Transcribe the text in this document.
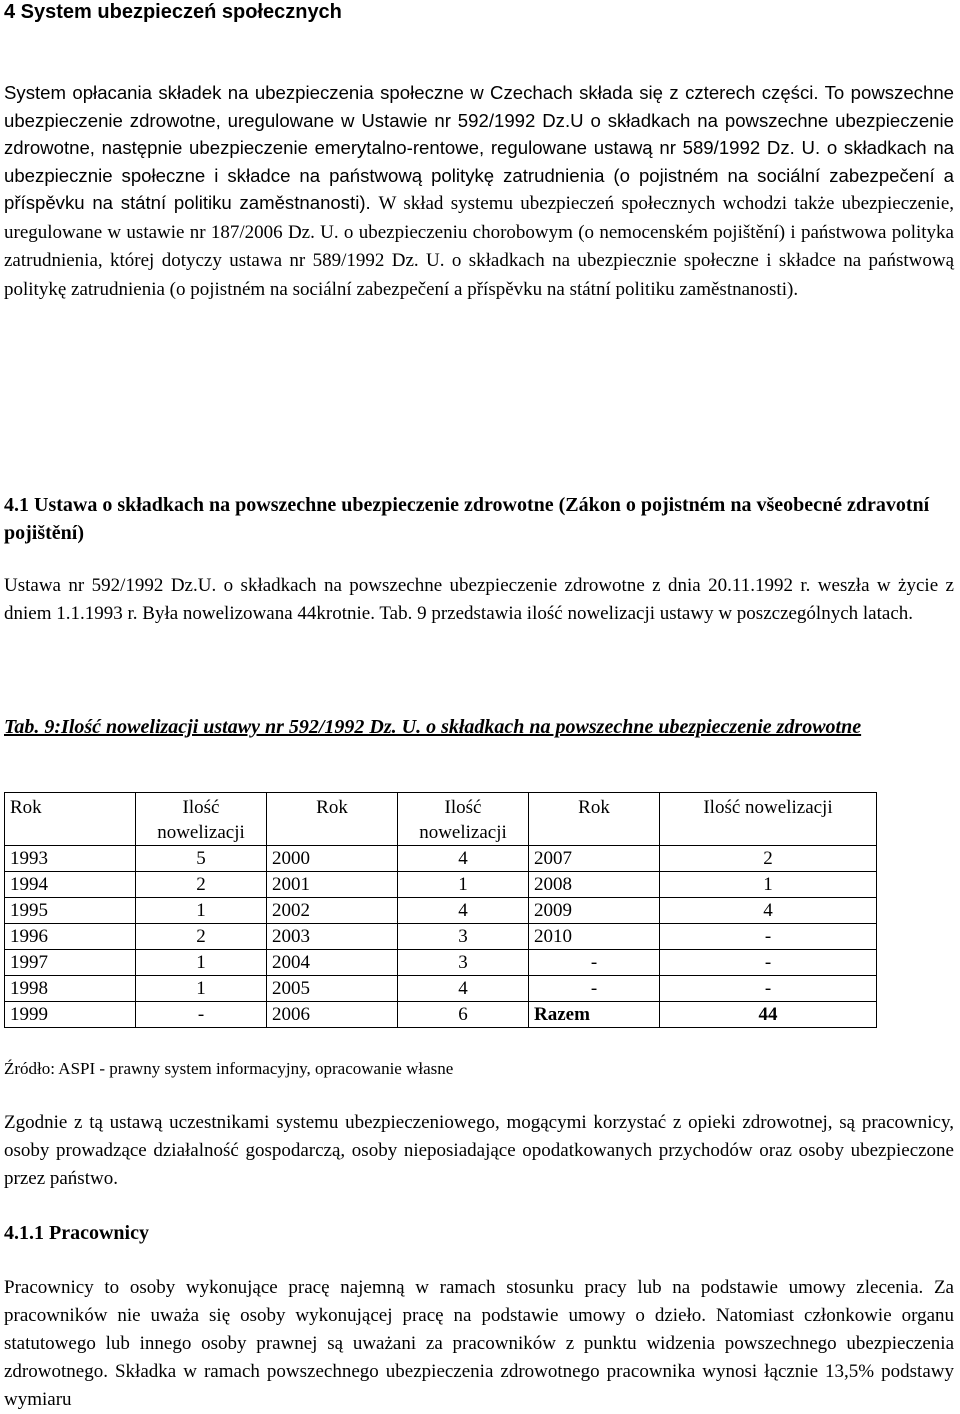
4 System ubezpieczeń społecznych

System opłacania składek na ubezpieczenia społeczne w Czechach składa się z czterech części. To powszechne ubezpieczenie zdrowotne, uregulowane w Ustawie nr 592/1992 Dz.U o składkach na powszechne ubezpieczenie zdrowotne, następnie ubezpieczenie emerytalno-rentowe, regulowane ustawą nr 589/1992 Dz. U. o składkach na ubezpiecznie społeczne i składce na państwową politykę zatrudnienia (o pojistném na sociální zabezpečení a příspěvku na státní politiku zaměstnanosti). W skład systemu ubezpieczeń społecznych wchodzi także ubezpieczenie, uregulowane w ustawie nr 187/2006 Dz. U. o ubezpieczeniu chorobowym (o nemocenském pojištění) i państwowa polityka zatrudnienia, której dotyczy ustawa nr 589/1992 Dz. U. o składkach na ubezpiecznie społeczne i składce na państwową politykę zatrudnienia (o pojistném na sociální zabezpečení a příspěvku na státní politiku zaměstnanosti).

4.1 Ustawa o składkach na powszechne ubezpieczenie zdrowotne (Zákon o pojistném na všeobecné zdravotní pojištění)

Ustawa nr 592/1992 Dz.U. o składkach na powszechne ubezpieczenie zdrowotne z dnia 20.11.1992 r. weszła w życie z dniem 1.1.1993 r. Była nowelizowana 44krotnie. Tab. 9 przedstawia ilość nowelizacji ustawy w poszczególnych latach.

Tab. 9:Ilość nowelizacji ustawy nr 592/1992 Dz. U. o składkach na powszechne ubezpieczenie zdrowotne

Rok	Ilość nowelizacji	Rok	Ilość nowelizacji	Rok	Ilość nowelizacji
1993	5	2000	4	2007	2
1994	2	2001	1	2008	1
1995	1	2002	4	2009	4
1996	2	2003	3	2010	-
1997	1	2004	3	-	-
1998	1	2005	4	-	-
1999	-	2006	6	Razem	44

Źródło: ASPI - prawny system informacyjny, opracowanie własne

Zgodnie z tą ustawą uczestnikami systemu ubezpieczeniowego, mogącymi korzystać z opieki zdrowotnej, są pracownicy, osoby prowadzące działalność gospodarczą, osoby nieposiadające opodatkowanych przychodów oraz osoby ubezpieczone przez państwo.

4.1.1 Pracownicy

Pracownicy to osoby wykonujące pracę najemną w ramach stosunku pracy lub na podstawie umowy zlecenia. Za pracowników nie uważa się osoby wykonującej pracę na podstawie umowy o dzieło. Natomiast członkowie organu statutowego lub innego osoby prawnej są uważani za pracowników z punktu widzenia powszechnego ubezpieczenia zdrowotnego. Składka w ramach powszechnego ubezpieczenia zdrowotnego pracownika wynosi łącznie 13,5% podstawy wymiaru
